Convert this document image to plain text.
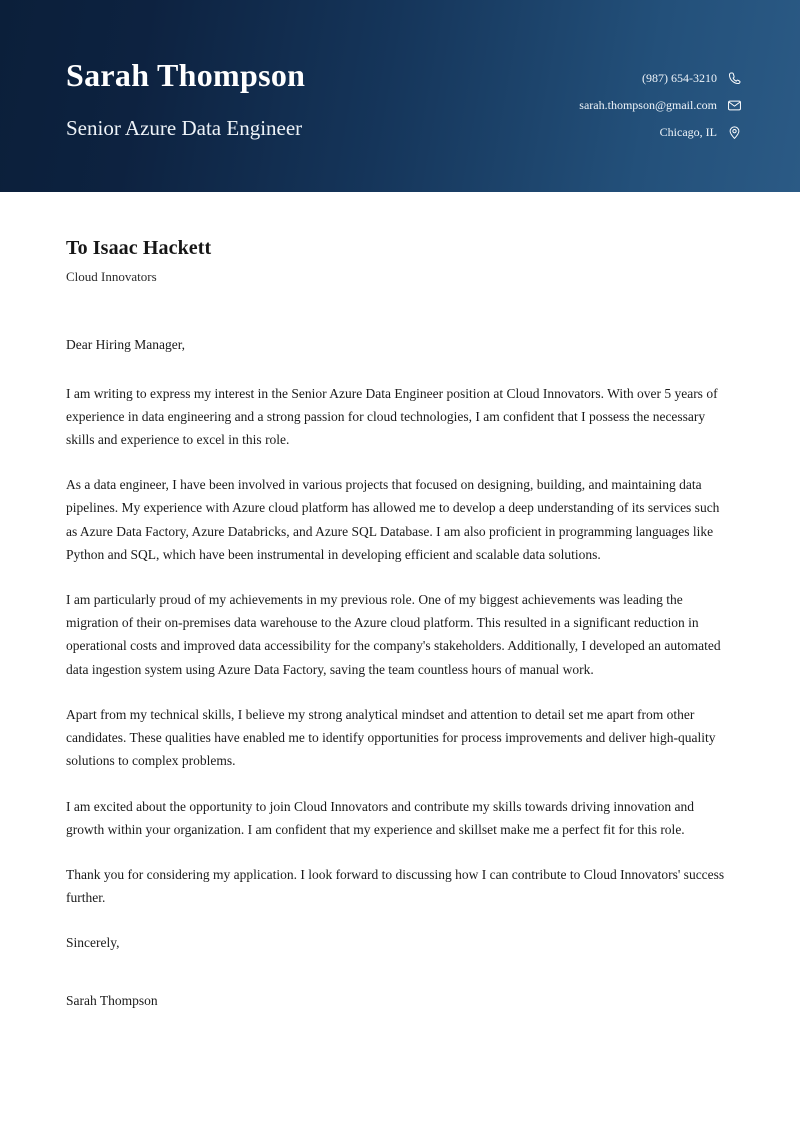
Sarah Thompson
Senior Azure Data Engineer
(987) 654-3210
sarah.thompson@gmail.com
Chicago, IL
To Isaac Hackett
Cloud Innovators
Dear Hiring Manager,

I am writing to express my interest in the Senior Azure Data Engineer position at Cloud Innovators. With over 5 years of experience in data engineering and a strong passion for cloud technologies, I am confident that I possess the necessary skills and experience to excel in this role.

As a data engineer, I have been involved in various projects that focused on designing, building, and maintaining data pipelines. My experience with Azure cloud platform has allowed me to develop a deep understanding of its services such as Azure Data Factory, Azure Databricks, and Azure SQL Database. I am also proficient in programming languages like Python and SQL, which have been instrumental in developing efficient and scalable data solutions.

I am particularly proud of my achievements in my previous role. One of my biggest achievements was leading the migration of their on-premises data warehouse to the Azure cloud platform. This resulted in a significant reduction in operational costs and improved data accessibility for the company's stakeholders. Additionally, I developed an automated data ingestion system using Azure Data Factory, saving the team countless hours of manual work.

Apart from my technical skills, I believe my strong analytical mindset and attention to detail set me apart from other candidates. These qualities have enabled me to identify opportunities for process improvements and deliver high-quality solutions to complex problems.

I am excited about the opportunity to join Cloud Innovators and contribute my skills towards driving innovation and growth within your organization. I am confident that my experience and skillset make me a perfect fit for this role.

Thank you for considering my application. I look forward to discussing how I can contribute to Cloud Innovators' success further.

Sincerely,

Sarah Thompson
